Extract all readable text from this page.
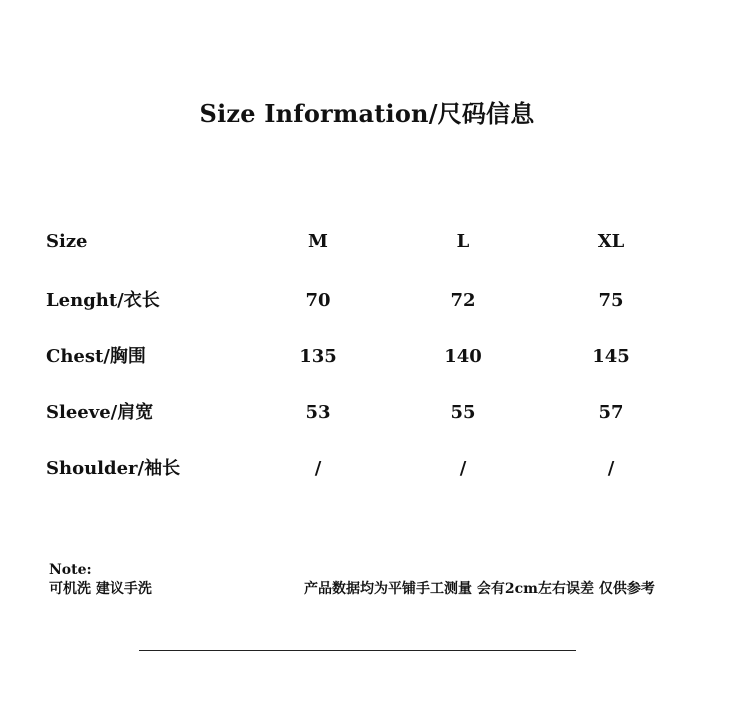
Size Information/尺码信息
Size	M	L	XL
Lenght/衣长	70	72	75
Chest/胸围	135	140	145
Sleeve/肩宽	53	55	57
Shoulder/袖长	/	/	/
Note:
可机洗 建议手洗	产品数据均为平铺手工测量 会有2cm左右误差 仅供参考
